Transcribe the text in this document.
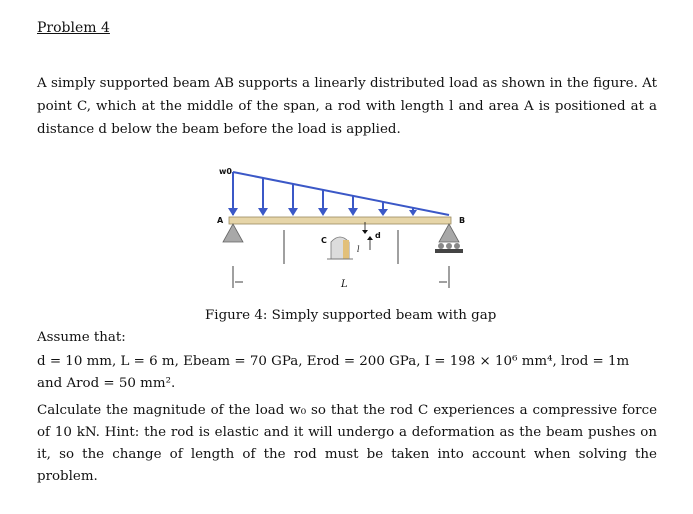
Problem 4
A simply supported beam AB supports a linearly distributed load as shown in the figure. At point C, which at the middle of the span, a rod with length l and area A is positioned at a distance d below the beam before the load is applied.
w0
A	B
C
d
l
L
Figure 4: Simply supported beam with gap
Assume that:
d = 10 mm, L = 6 m, Ebeam = 70 GPa, Erod = 200 GPa, I = 198 × 10⁶ mm⁴, lrod = 1m and Arod = 50 mm².
Calculate the magnitude of the load w₀ so that the rod C experiences a compressive force of 10 kN. Hint: the rod is elastic and it will undergo a deformation as the beam pushes on it, so the change of length of the rod must be taken into account when solving the problem.
